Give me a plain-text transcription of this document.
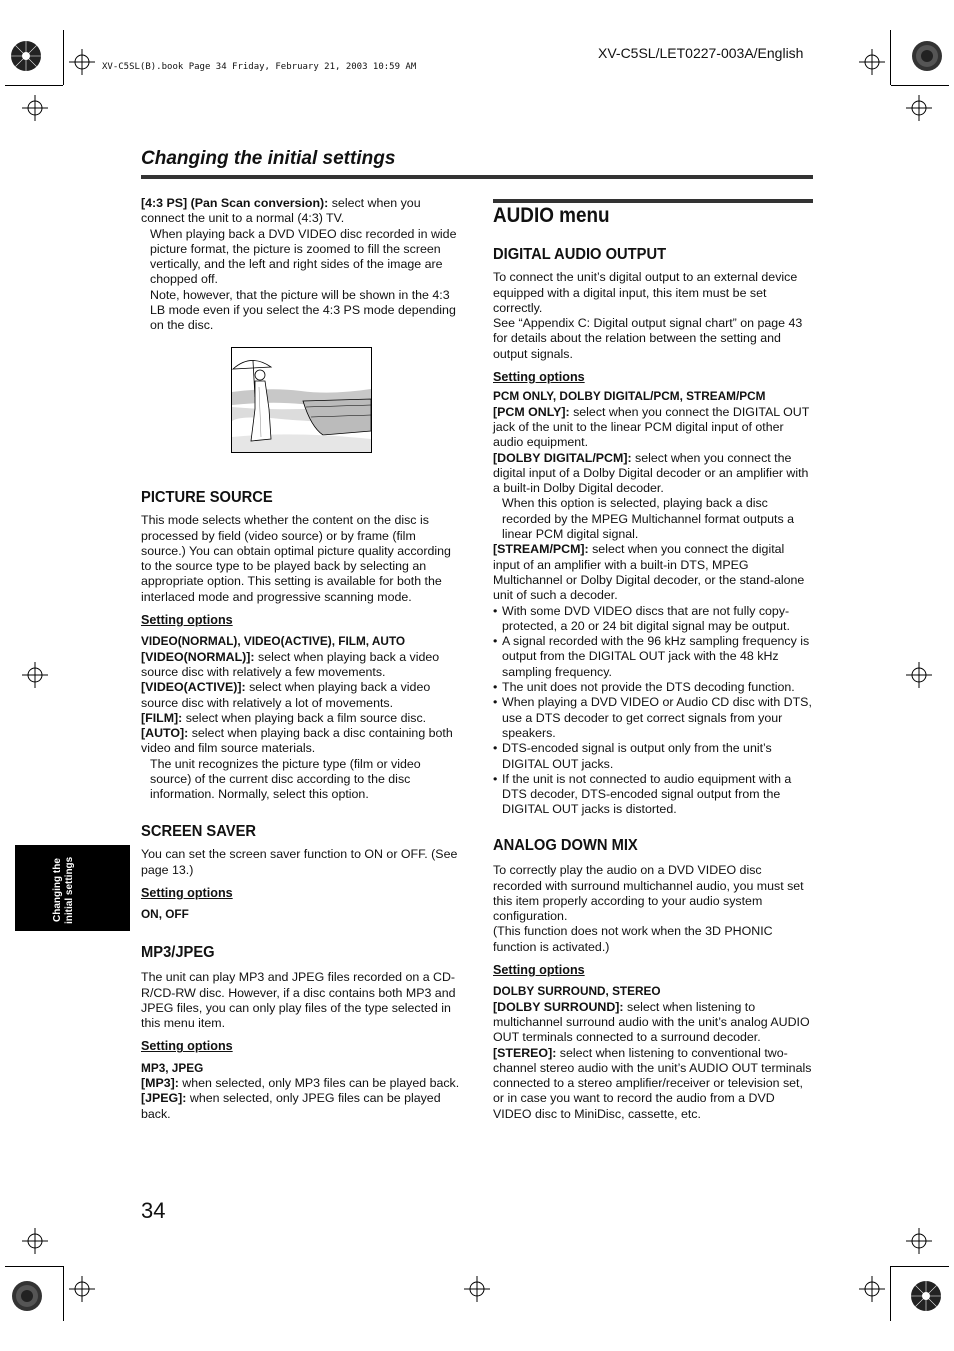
XV-C5SL/LET0227-003A/English
XV-C5SL(B).book Page 34 Friday, February 21, 2003 10:59 AM
Changing the initial settings

[4:3 PS] (Pan Scan conversion): select when you connect the unit to a normal (4:3) TV.

When playing back a DVD VIDEO disc recorded in wide picture format, the picture is zoomed to fill the screen vertically, and the left and right sides of the image are chopped off.

Note, however, that the picture will be shown in the 4:3 LB mode even if you select the 4:3 PS mode depending on the disc.

PICTURE SOURCE

This mode selects whether the content on the disc is processed by field (video source) or by frame (film source.) You can obtain optimal picture quality according to the source type to be played back by selecting an appropriate option. This setting is available for both the interlaced mode and progressive scanning mode.

Setting options

VIDEO(NORMAL), VIDEO(ACTIVE), FILM, AUTO

[VIDEO(NORMAL)]: select when playing back a video source disc with relatively a few movements.

[VIDEO(ACTIVE)]: select when playing back a video source disc with relatively a lot of movements.

[FILM]: select when playing back a film source disc.

[AUTO]: select when playing back a disc containing both video and film source materials.

The unit recognizes the picture type (film or video source) of the current disc according to the disc information. Normally, select this option.

SCREEN SAVER

You can set the screen saver function to ON or OFF. (See page 13.)

Setting options

ON, OFF

MP3/JPEG

The unit can play MP3 and JPEG files recorded on a CD-R/CD-RW disc. However, if a disc contains both MP3 and JPEG files, you can only play files of the type selected in this menu item.

Setting options

MP3, JPEG

[MP3]: when selected, only MP3 files can be played back.

[JPEG]: when selected, only JPEG files can be played back.

AUDIO menu
DIGITAL AUDIO OUTPUT

To connect the unit’s digital output to an external device equipped with a digital input, this item must be set correctly.

See “Appendix C: Digital output signal chart” on page 43 for details about the relation between the setting and output signals.

Setting options

PCM ONLY, DOLBY DIGITAL/PCM, STREAM/PCM

[PCM ONLY]: select when you connect the DIGITAL OUT jack of the unit to the linear PCM digital input of other audio equipment.

[DOLBY DIGITAL/PCM]: select when you connect the digital input of a Dolby Digital decoder or an amplifier with a built-in Dolby Digital decoder.

When this option is selected, playing back a disc recorded by the MPEG Multichannel format outputs a linear PCM digital signal.

[STREAM/PCM]: select when you connect the digital input of an amplifier with a built-in DTS, MPEG Multichannel or Dolby Digital decoder, or the stand-alone unit of such a decoder.

• With some DVD VIDEO discs that are not fully copy-protected, a 20 or 24 bit digital signal may be output.
• A signal recorded with the 96 kHz sampling frequency is output from the DIGITAL OUT jack with the 48 kHz sampling frequency.
• The unit does not provide the DTS decoding function.
• When playing a DVD VIDEO or Audio CD disc with DTS, use a DTS decoder to get correct signals from your speakers.
• DTS-encoded signal is output only from the unit’s DIGITAL OUT jacks.
• If the unit is not connected to audio equipment with a DTS decoder, DTS-encoded signal output from the DIGITAL OUT jacks is distorted.
ANALOG DOWN MIX

To correctly play the audio on a DVD VIDEO disc recorded with surround multichannel audio, you must set this item properly according to your audio system configuration.

(This function does not work when the 3D PHONIC function is activated.)

Setting options

DOLBY SURROUND, STEREO

[DOLBY SURROUND]: select when listening to multichannel surround audio with the unit’s analog AUDIO OUT terminals connected to a surround decoder.

[STEREO]: select when listening to conventional two-channel stereo audio with the unit’s AUDIO OUT terminals connected to a stereo amplifier/receiver or television set, or in case you want to record the audio from a DVD VIDEO disc to MiniDisc, cassette, etc.

Changing the initial settings
34
